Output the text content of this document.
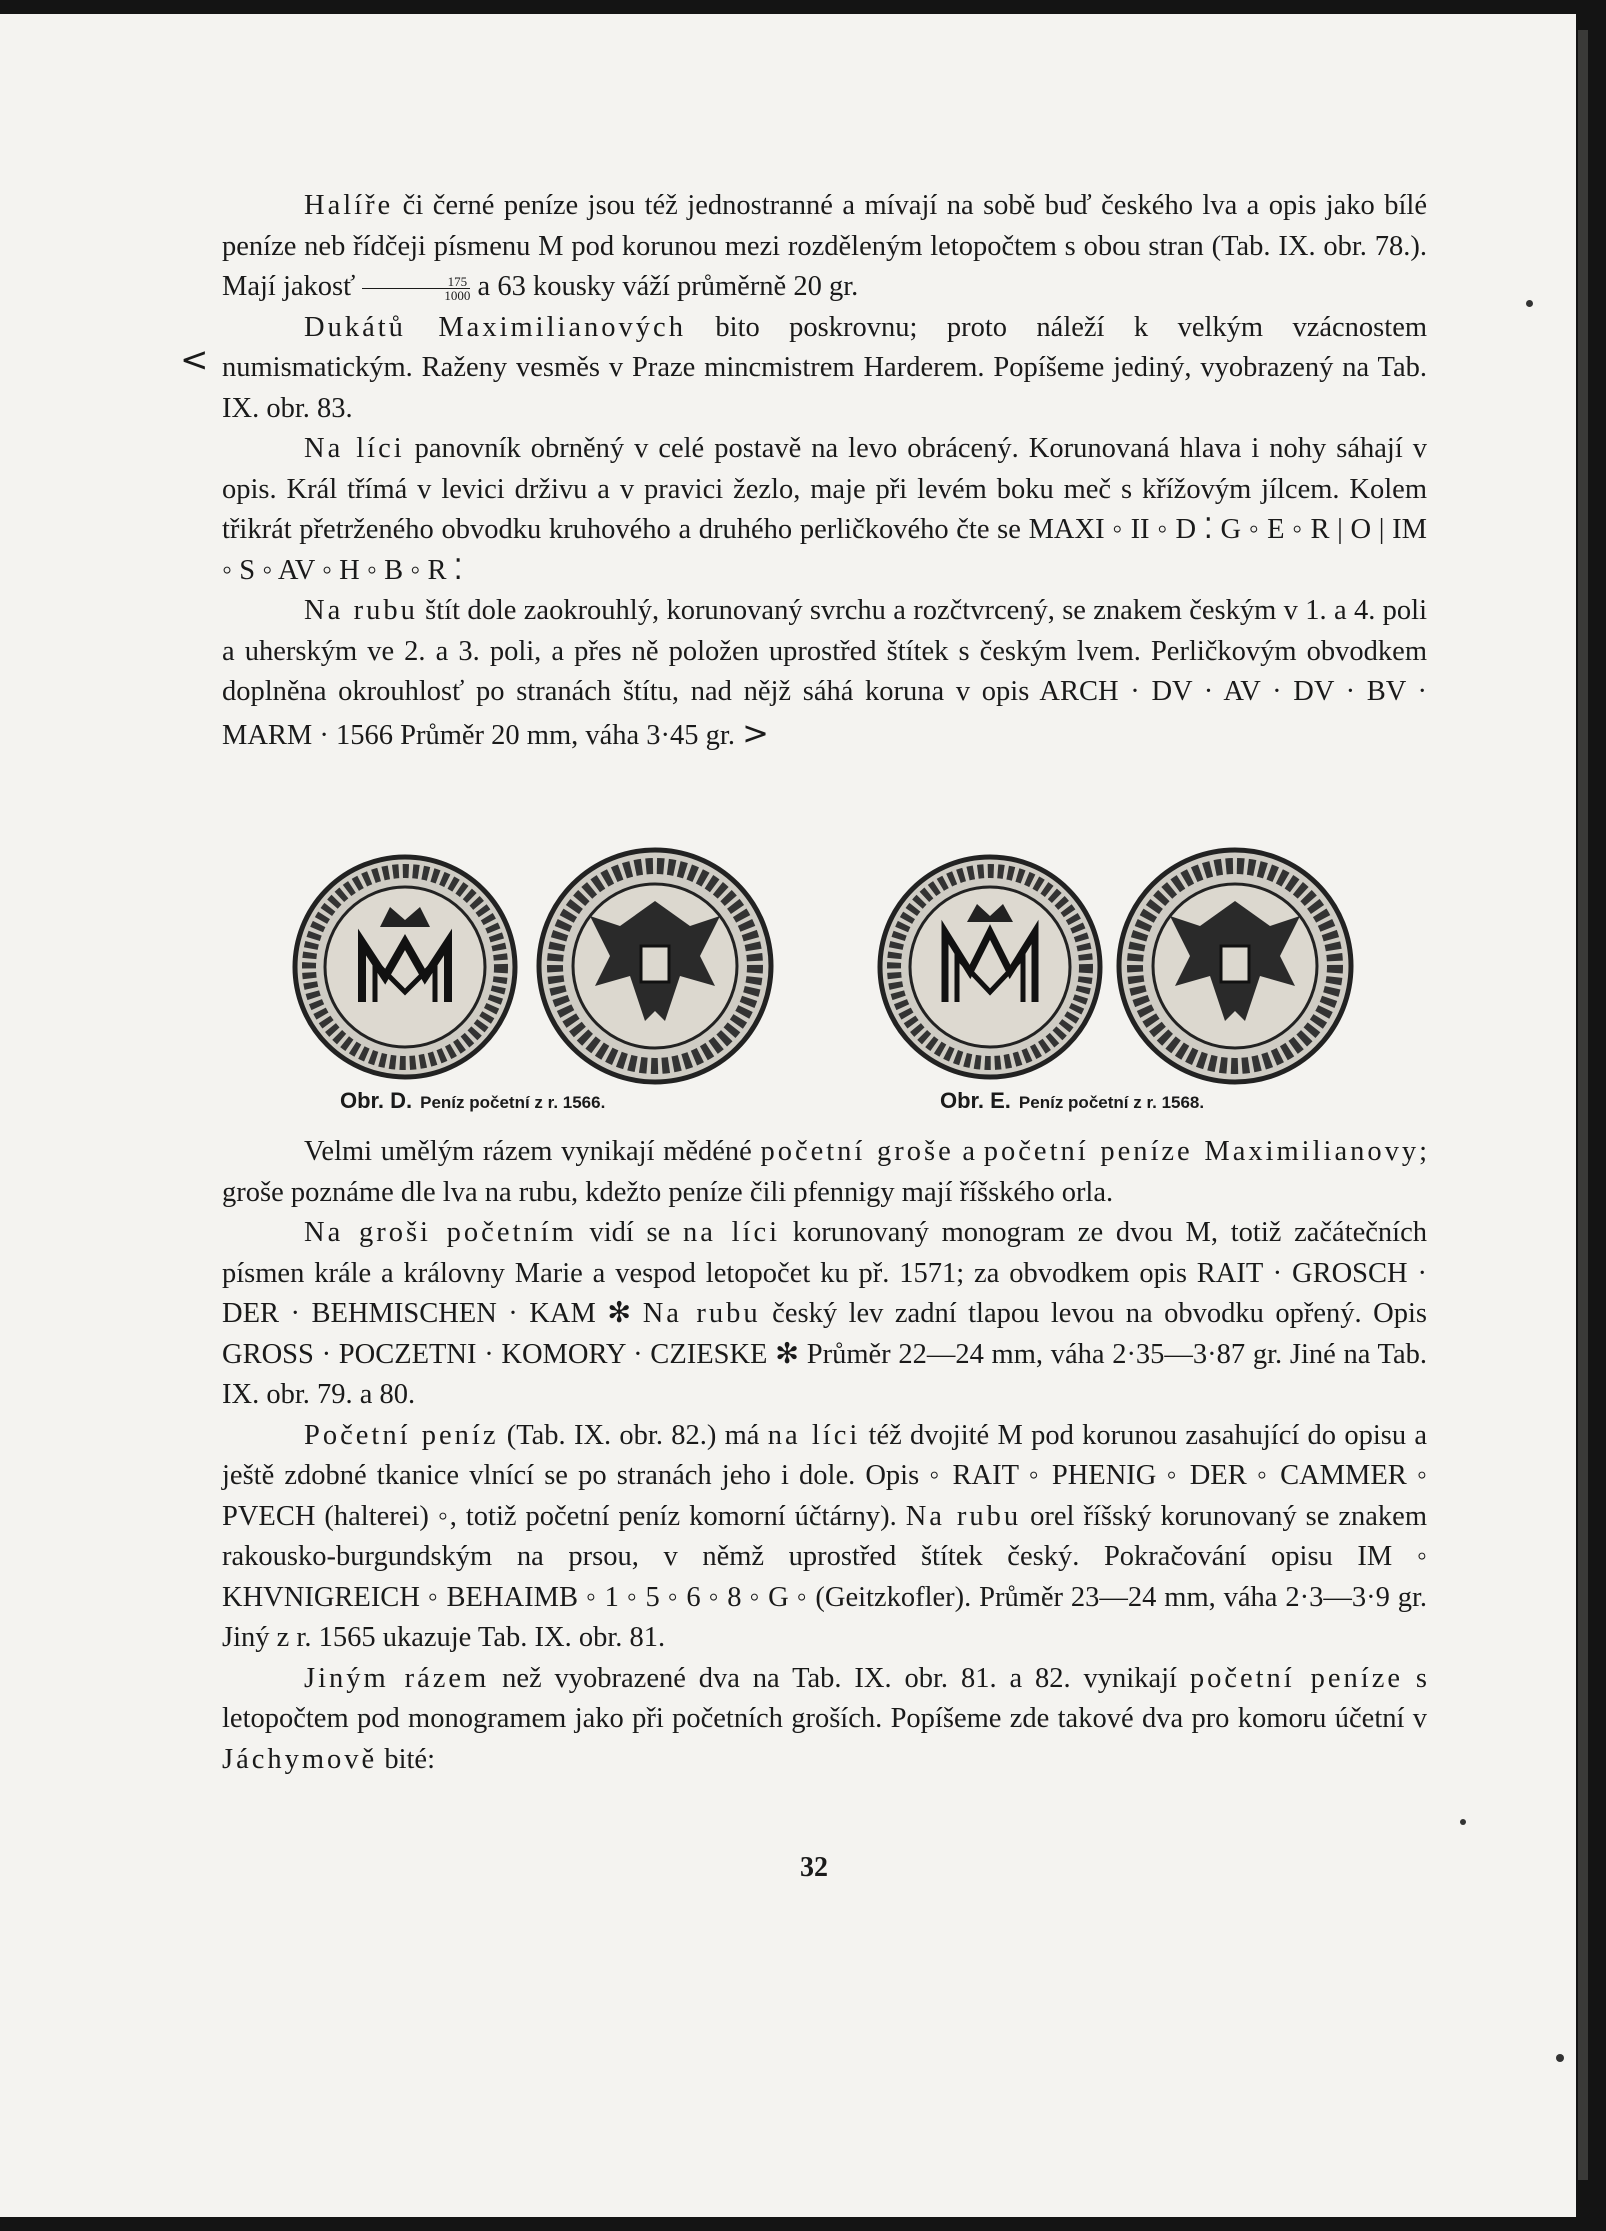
<

Halíře či černé peníze jsou též jednostranné a mívají na sobě buď českého lva a opis jako bílé peníze neb řídčeji písmenu M pod korunou mezi rozděleným letopočtem s obou stran (Tab. IX. obr. 78.). Mají jakosť $\frac{175}{1000}$ a 63 kousky váží průměrně 20 gr.

Dukátů Maximilianových bito poskrovnu; proto náleží k velkým vzácnostem numismatickým. Raženy vesměs v Praze mincmistrem Harderem. Popíšeme jediný, vyobrazený na Tab. IX. obr. 83.

Na líci panovník obrněný v celé postavě na levo obrácený. Korunovaná hlava i nohy sáhají v opis. Král třímá v levici drživu a v pravici žezlo, maje při levém boku meč s křížovým jílcem. Kolem třikrát přetrženého obvodku kruhového a druhého perličkového čte se MAXI ◦ II ◦ D ⁚ G ◦ E ◦ R | O | IM ◦ S ◦ AV ◦ H ◦ B ◦ R ⁚

Na rubu štít dole zaokrouhlý, korunovaný svrchu a rozčtvrcený, se znakem českým v 1. a 4. poli a uherským ve 2. a 3. poli, a přes ně položen uprostřed štítek s českým lvem. Perličkovým obvodkem doplněna okrouhlosť po stranách štítu, nad nějž sáhá koruna v opis ARCH · DV · AV · DV · BV · MARM · 1566 Průměr 20 mm, váha 3·45 gr. >

Obr. D. Peníz početní z r. 1566.	Obr. E. Peníz početní z r. 1568.

Velmi umělým rázem vynikají mědéné početní groše a početní peníze Maximilianovy; groše poznáme dle lva na rubu, kdežto peníze čili pfennigy mají říšského orla.

Na groši početním vidí se na líci korunovaný monogram ze dvou M, totiž začátečních písmen krále a královny Marie a vespod letopočet ku př. 1571; za obvodkem opis RAIT · GROSCH · DER · BEHMISCHEN · KAM ✻ Na rubu český lev zadní tlapou levou na obvodku opřený. Opis GROSS · POCZETNI · KOMORY · CZIESKE ✻ Průměr 22—24 mm, váha 2·35—3·87 gr. Jiné na Tab. IX. obr. 79. a 80.

Početní peníz (Tab. IX. obr. 82.) má na líci též dvojité M pod korunou zasahující do opisu a ještě zdobné tkanice vlnící se po stranách jeho i dole. Opis ◦ RAIT ◦ PHENIG ◦ DER ◦ CAMMER ◦ PVECH (halterei) ◦, totiž početní peníz komorní účtárny). Na rubu orel říšský korunovaný se znakem rakousko-burgundským na prsou, v němž uprostřed štítek český. Pokračování opisu IM ◦ KHVNIGREICH ◦ BEHAIMB ◦ 1 ◦ 5 ◦ 6 ◦ 8 ◦ G ◦ (Geitzkofler). Průměr 23—24 mm, váha 2·3—3·9 gr. Jiný z r. 1565 ukazuje Tab. IX. obr. 81.

Jiným rázem než vyobrazené dva na Tab. IX. obr. 81. a 82. vynikají početní peníze s letopočtem pod monogramem jako při početních groších. Popíšeme zde takové dva pro komoru účetní v Jáchymově bité:

32
